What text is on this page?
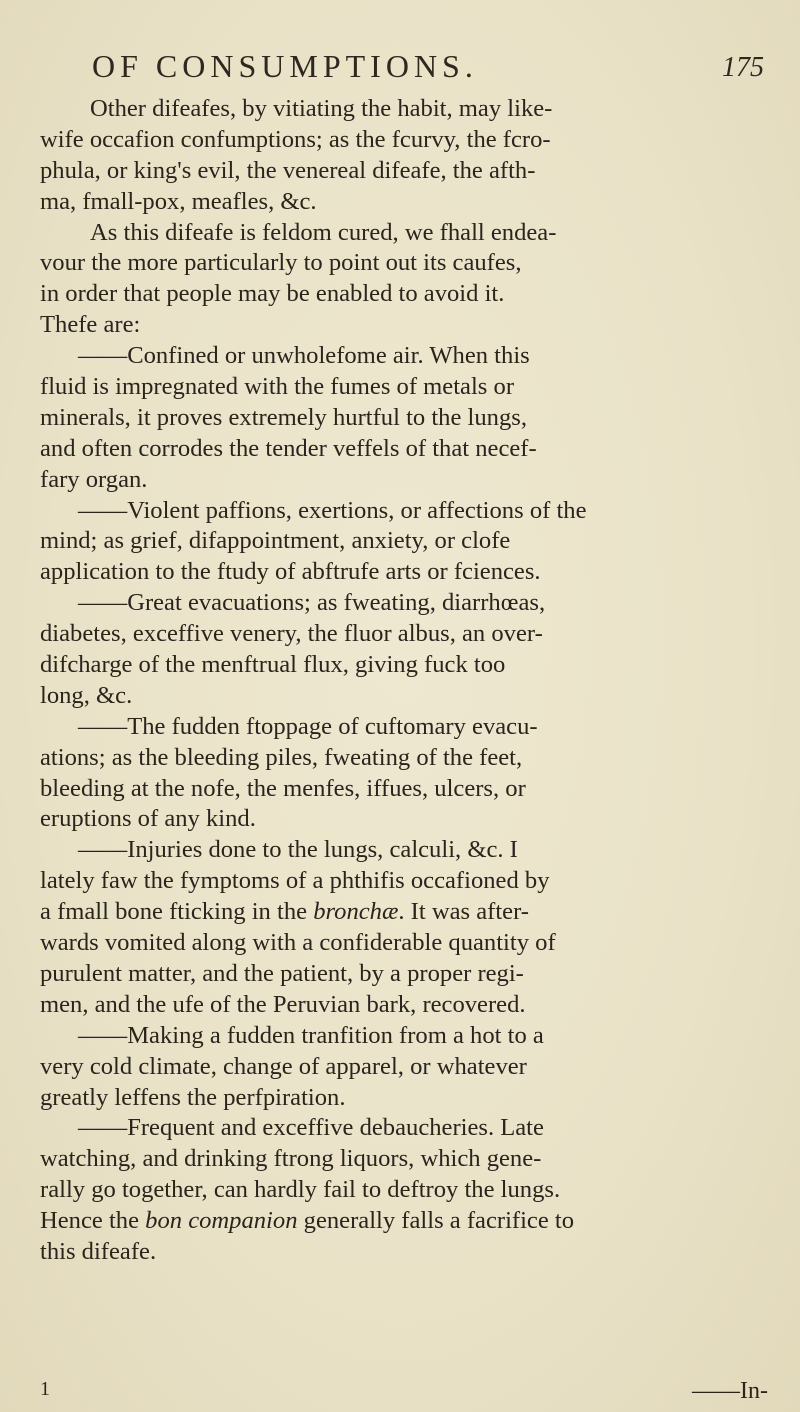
OF CONSUMPTIONS.	175
Other difeafes, by vitiating the habit, may like-
wife occafion confumptions; as the fcurvy, the fcro-
phula, or king's evil, the venereal difeafe, the afth-
ma, fmall-pox, meafles, &c.
As this difeafe is feldom cured, we fhall endea-
vour the more particularly to point out its caufes,
in order that people may be enabled to avoid it.
Thefe are:
——Confined or unwholefome air. When this
fluid is impregnated with the fumes of metals or
minerals, it proves extremely hurtful to the lungs,
and often corrodes the tender veffels of that necef-
fary organ.
——Violent paffions, exertions, or affections of the
mind; as grief, difappointment, anxiety, or clofe
application to the ftudy of abftrufe arts or fciences.
——Great evacuations; as fweating, diarrhœas,
diabetes, exceffive venery, the fluor albus, an over-
difcharge of the menftrual flux, giving fuck too
long, &c.
——The fudden ftoppage of cuftomary evacu-
ations; as the bleeding piles, fweating of the feet,
bleeding at the nofe, the menfes, iffues, ulcers, or
eruptions of any kind.
——Injuries done to the lungs, calculi, &c. I
lately faw the fymptoms of a phthifis occafioned by
a fmall bone fticking in the bronchæ. It was after-
wards vomited along with a confiderable quantity of
purulent matter, and the patient, by a proper regi-
men, and the ufe of the Peruvian bark, recovered.
——Making a fudden tranfition from a hot to a
very cold climate, change of apparel, or whatever
greatly leffens the perfpiration.
——Frequent and exceffive debaucheries. Late
watching, and drinking ftrong liquors, which gene-
rally go together, can hardly fail to deftroy the lungs.
Hence the bon companion generally falls a facrifice to
this difeafe.
1	——In-
